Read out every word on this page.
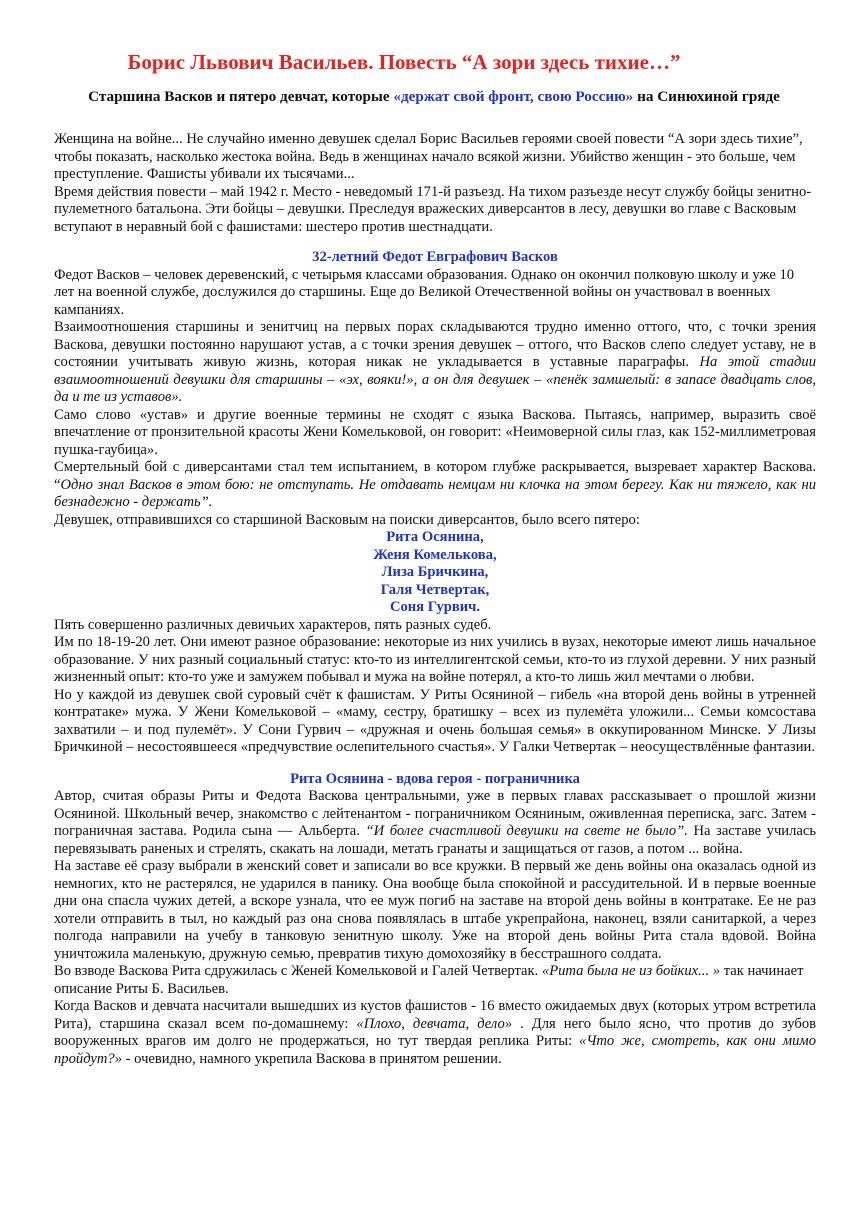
Борис Львович Васильев. Повесть “А зори здесь тихие…”
Старшина Васков и пятеро девчат, которые «держат свой фронт, свою Россию» на Синюхиной гряде

Женщина на войне... Не случайно именно девушек сделал Борис Васильев героями своей повести “А зори здесь тихие”, чтобы показать, насколько жестока война. Ведь в женщинах начало всякой жизни. Убийство женщин - это больше, чем преступление. Фашисты убивали их тысячами...

Время действия повести – май 1942 г. Место - неведомый 171-й разъезд. На тихом разъезде несут службу бойцы зенитно-пулеметного батальона. Эти бойцы – девушки. Преследуя вражеских диверсантов в лесу, девушки во главе с Васковым вступают в неравный бой с фашистами: шестеро против шестнадцати.

32-летний Федот Евграфович Васков

Федот Васков – человек деревенский, с четырьмя классами образования. Однако он окончил полковую школу и уже 10 лет на военной службе, дослужился до старшины. Еще до Великой Отечественной войны он участвовал в военных кампаниях.

Взаимоотношения старшины и зенитчиц на первых порах складываются трудно именно оттого, что, с точки зрения Васкова, девушки постоянно нарушают устав, а с точки зрения девушек – оттого, что Васков слепо следует уставу, не в состоянии учитывать живую жизнь, которая никак не укладывается в уставные параграфы. На этой стадии взаимоотношений девушки для старшины – «эх, вояки!», а он для девушек – «пенёк замшелый: в запасе двадцать слов, да и те из уставов».

Само слово «устав» и другие военные термины не сходят с языка Васкова. Пытаясь, например, выразить своё впечатление от пронзительной красоты Жени Комельковой, он говорит: «Неимоверной силы глаз, как 152-миллиметровая пушка-гаубица».

Смертельный бой с диверсантами стал тем испытанием, в котором глубже раскрывается, вызревает характер Васкова. “Одно знал Васков в этом бою: не отступать. Не отдавать немцам ни клочка на этом берегу. Как ни тяжело, как ни безнадежно - держать”.

Девушек, отправившихся со старшиной Васковым на поиски диверсантов, было всего пятеро:

Рита Осянина,
Женя Комелькова,
Лиза Бричкина,
Галя Четвертак,
Соня Гурвич.

Пять совершенно различных девичьих характеров, пять разных судеб.

Им по 18-19-20 лет. Они имеют разное образование: некоторые из них учились в вузах, некоторые имеют лишь начальное образование. У них разный социальный статус: кто-то из интеллигентской семьи, кто-то из глухой деревни. У них разный жизненный опыт: кто-то уже и замужем побывал и мужа на войне потерял, а кто-то лишь жил мечтами о любви.

Но у каждой из девушек свой суровый счёт к фашистам. У Риты Осяниной – гибель «на второй день войны в утренней контратаке» мужа. У Жени Комельковой – «маму, сестру, братишку – всех из пулемёта уложили... Семьи комсостава захватили – и под пулемёт». У Сони Гурвич – «дружная и очень большая семья» в оккупированном Минске. У Лизы Бричкиной – несостоявшееся «предчувствие ослепительного счастья». У Галки Четвертак – неосуществлённые фантазии.

Рита Осянина - вдова героя - пограничника

Автор, считая образы Риты и Федота Васкова центральными, уже в первых главах рассказывает о прошлой жизни Осяниной. Школьный вечер, знакомство с лейтенантом - пограничником Осяниным, оживленная переписка, загс. Затем - пограничная застава. Родила сына — Альберта. “И более счастливой девушки на свете не было”. На заставе училась перевязывать раненых и стрелять, скакать на лошади, метать гранаты и защищаться от газов, а потом ... война.

На заставе её сразу выбрали в женский совет и записали во все кружки. В первый же день войны она оказалась одной из немногих, кто не растерялся, не ударился в панику. Она вообще была спокойной и рассудительной. И в первые военные дни она спасла чужих детей, а вскоре узнала, что ее муж погиб на заставе на второй день войны в контратаке. Ее не раз хотели отправить в тыл, но каждый раз она снова появлялась в штабе укрепрайона, наконец, взяли санитаркой, а через полгода направили на учебу в танковую зенитную школу. Уже на второй день войны Рита стала вдовой. Война уничтожила маленькую, дружную семью, превратив тихую домохозяйку в бесстрашного солдата.

Во взводе Васкова Рита сдружилась с Женей Комельковой и Галей Четвертак. «Рита была не из бойких... » так начинает описание Риты Б. Васильев.

Когда Васков и девчата насчитали вышедших из кустов фашистов - 16 вместо ожидаемых двух (которых утром встретила Рита), старшина сказал всем по-домашнему: «Плохо, девчата, дело» . Для него было ясно, что против до зубов вооруженных врагов им долго не продержаться, но тут твердая реплика Риты: «Что же, смотреть, как они мимо пройдут?» - очевидно, намного укрепила Васкова в принятом решении.
